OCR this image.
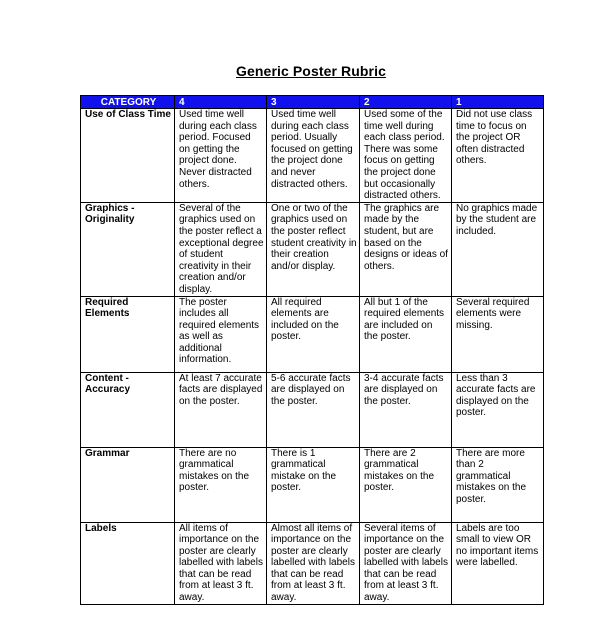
Generic Poster Rubric
CATEGORY	4	3	2	1
Use of Class Time	Used time well during each class period. Focused on getting the project done. Never distracted others.	Used time well during each class period. Usually focused on getting the project done and never distracted others.	Used some of the time well during each class period. There was some focus on getting the project done but occasionally distracted others.	Did not use class time to focus on the project OR often distracted others.
Graphics - Originality	Several of the graphics used on the poster reflect a exceptional degree of student creativity in their creation and/or display.	One or two of the graphics used on the poster reflect student creativity in their creation and/or display.	The graphics are made by the student, but are based on the designs or ideas of others.	No graphics made by the student are included.
Required Elements	The poster includes all required elements as well as additional information.	All required elements are included on the poster.	All but 1 of the required elements are included on the poster.	Several required elements were missing.
Content - Accuracy	At least 7 accurate facts are displayed on the poster.	5-6 accurate facts are displayed on the poster.	3-4 accurate facts are displayed on the poster.	Less than 3 accurate facts are displayed on the poster.
Grammar	There are no grammatical mistakes on the poster.	There is 1 grammatical mistake on the poster.	There are 2 grammatical mistakes on the poster.	There are more than 2 grammatical mistakes on the poster.
Labels	All items of importance on the poster are clearly labelled with labels that can be read from at least 3 ft. away.	Almost all items of importance on the poster are clearly labelled with labels that can be read from at least 3 ft. away.	Several items of importance on the poster are clearly labelled with labels that can be read from at least 3 ft. away.	Labels are too small to view OR no important items were labelled.
